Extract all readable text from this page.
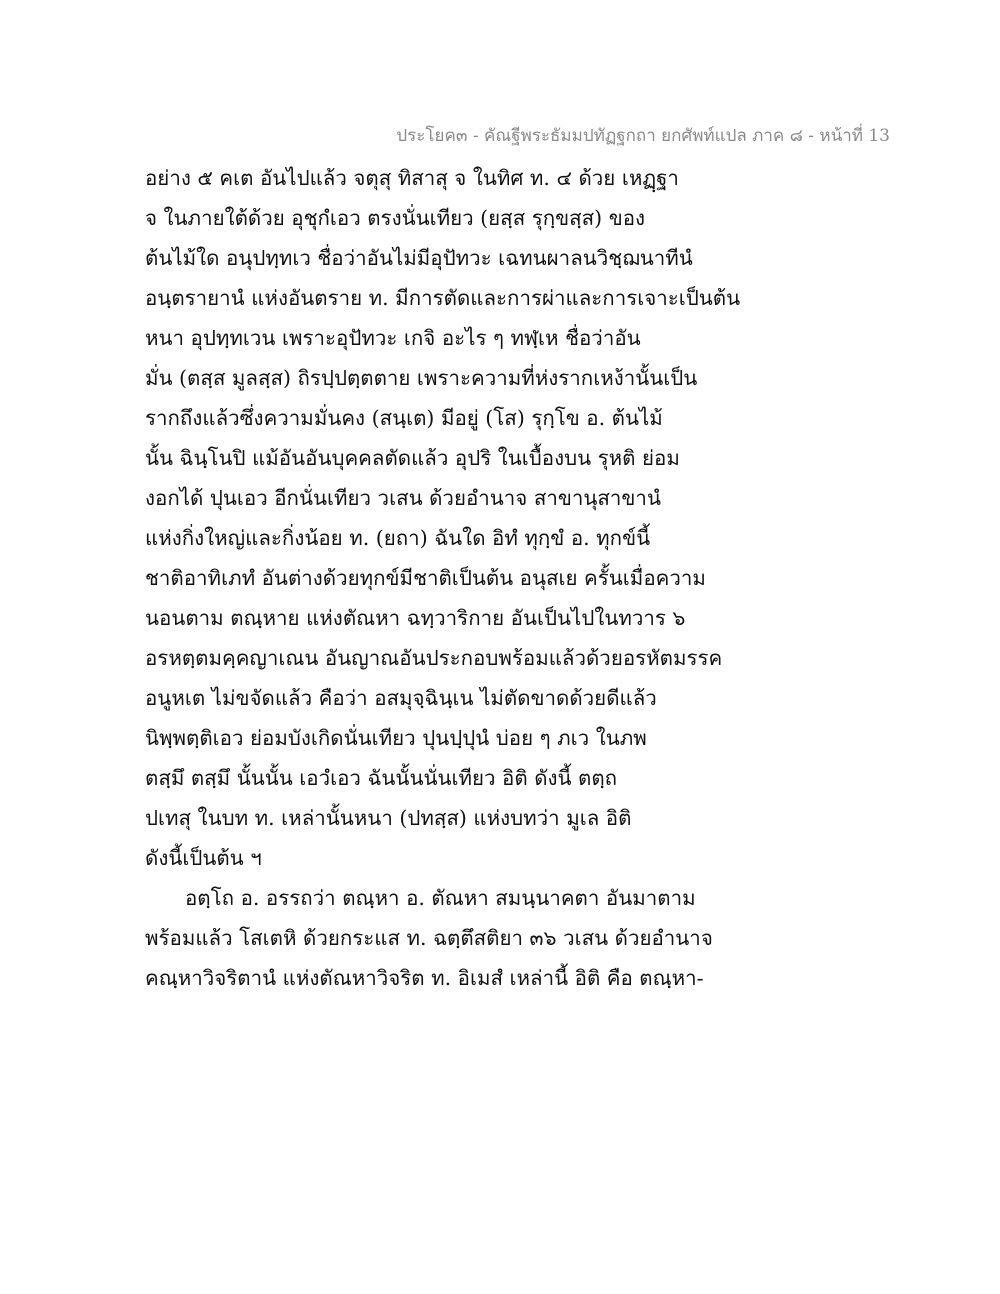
ประโยค๓ - คัณฐีพระธัมมปทัฏฐกถา ยกศัพท์แปล ภาค ๘ - หน้าที่ 13
อย่าง ๕ คเต อันไปแล้ว จตุสุ ทิสาสุ จ ในทิศ ท. ๔ ด้วย เหฏฺฐา
จ ในภายใต้ด้วย อุชุกํเอว ตรงนั่นเทียว (ยสฺส รุกฺขสฺส) ของ
ต้นไม้ใด อนุปทฺทเว ชื่อว่าอันไม่มีอุปัทวะ เฉทนผาลนวิชฺฌนาทีนํ
อนฺตรายานํ แห่งอันตราย ท. มีการตัดและการผ่าและการเจาะเป็นต้น
หนา อุปทฺทเวน เพราะอุปัทวะ เกจิ อะไร ๆ ทฬฺเห ชื่อว่าอัน
มั่น (ตสฺส มูลสฺส) ถิรปฺปตฺตตาย เพราะความที่ห่งรากเหง้านั้นเป็น
รากถึงแล้วซึ่งความมั่นคง (สนฺเต) มีอยู่ (โส) รุกฺโข อ. ต้นไม้
นั้น ฉินฺโนปิ แม้อันอันบุคคลตัดแล้ว อุปริ ในเบื้องบน รุหติ ย่อม
งอกได้ ปุนเอว อีกนั่นเทียว วเสน ด้วยอำนาจ สาขานุสาขานํ
แห่งกิ่งใหญ่และกิ่งน้อย ท. (ยถา) ฉันใด อิทํ ทุกฺขํ อ. ทุกข์นี้
ชาติอาทิเภทํ อันต่างด้วยทุกข์มีชาติเป็นต้น อนุสเย ครั้นเมื่อความ
นอนตาม ตณฺหาย แห่งตัณหา ฉทฺวาริกาย อันเป็นไปในทวาร ๖
อรหตฺตมคฺคญาเณน อันญาณอันประกอบพร้อมแล้วด้วยอรหัตมรรค
อนูหเต ไม่ขจัดแล้ว คือว่า อสมุจฺฉินฺเน ไม่ตัดขาดด้วยดีแล้ว
นิพฺพตฺติเอว ย่อมบังเกิดนั่นเทียว ปุนปฺปุนํ บ่อย ๆ ภเว ในภพ
ตสฺมึ ตสฺมึ นั้นนั้น เอวํเอว ฉันนั้นนั่นเทียว อิติ ดังนี้ ตตฺถ
ปเทสุ ในบท ท. เหล่านั้นหนา (ปทสฺส) แห่งบทว่า มูเล อิติ
ดังนี้เป็นต้น ฯ
อตฺโถ อ. อรรถว่า ตณฺหา อ. ตัณหา สมนฺนาคตา อันมาตาม
พร้อมแล้ว โสเตหิ ด้วยกระแส ท. ฉตฺตึสติยา ๓๖ วเสน ด้วยอำนาจ
คณฺหาวิจริตานํ แห่งตัณหาวิจริต ท. อิเมสํ เหล่านี้ อิติ คือ ตณฺหา-
